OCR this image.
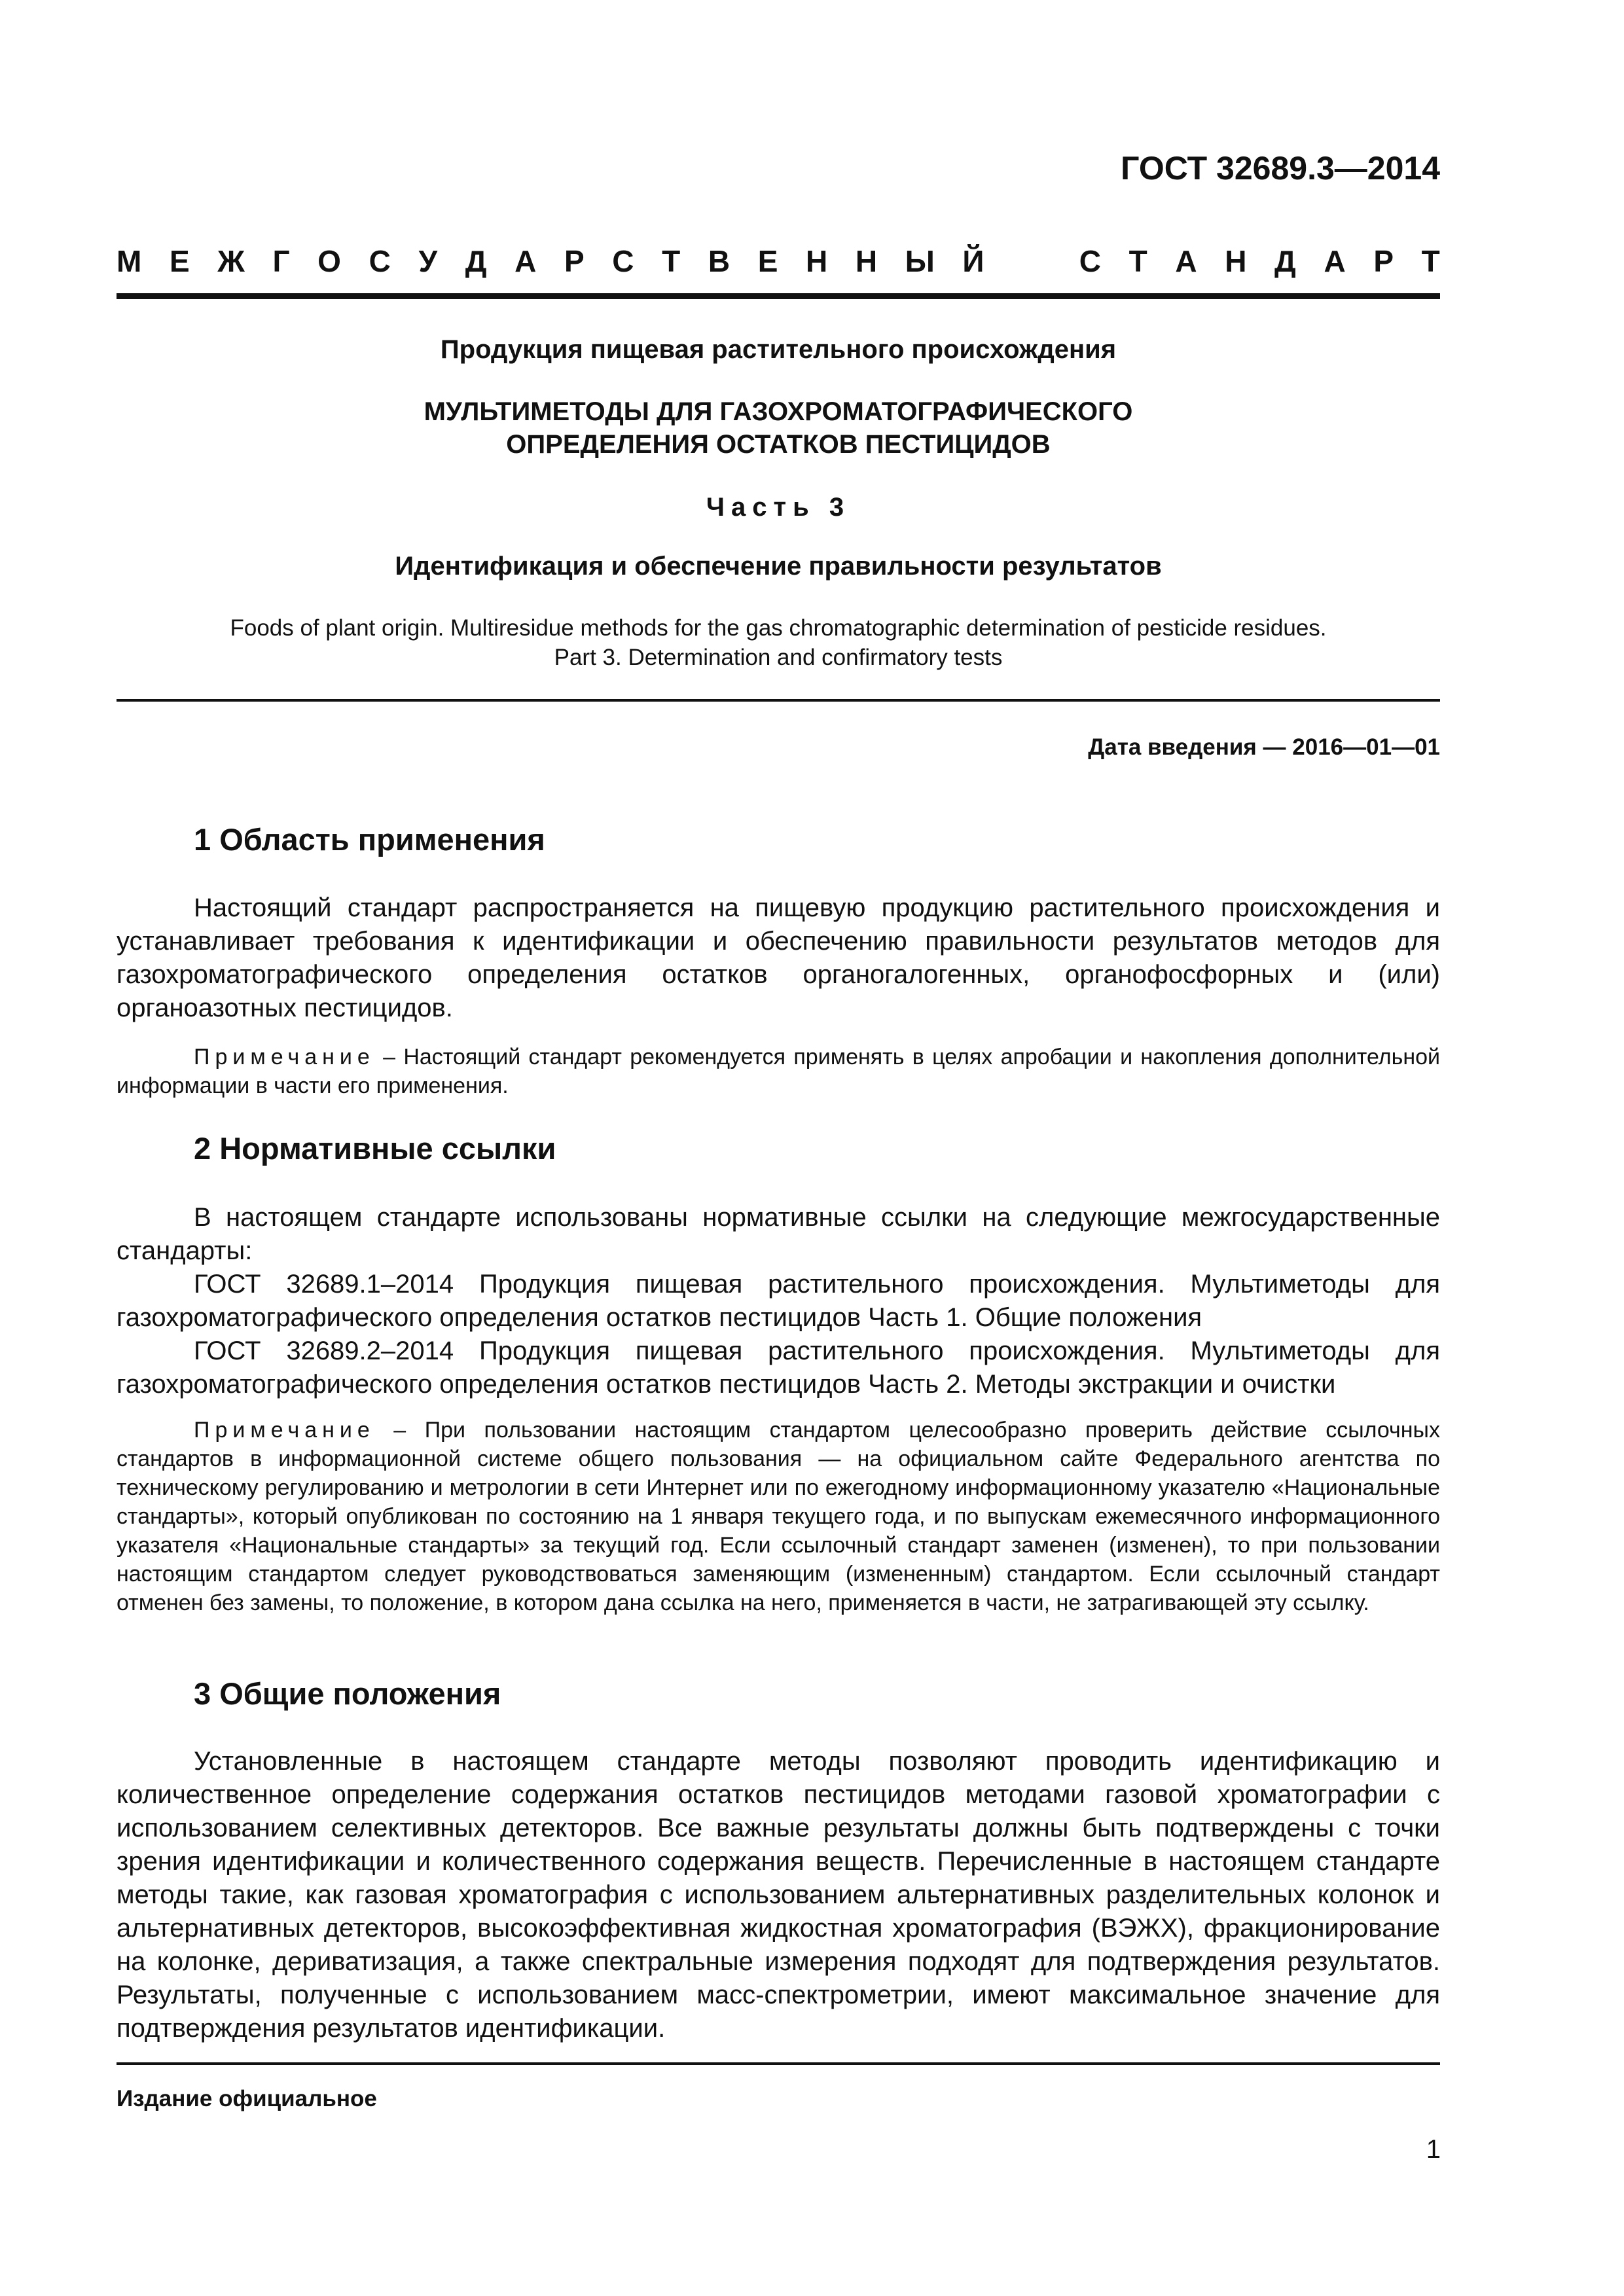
ГОСТ 32689.3—2014
М Е Ж Г О С У Д А Р С Т В Е Н Н Ы Й	С Т А Н Д А Р Т
Продукция пищевая растительного происхождения
МУЛЬТИМЕТОДЫ ДЛЯ ГАЗОХРОМАТОГРАФИЧЕСКОГО
ОПРЕДЕЛЕНИЯ ОСТАТКОВ ПЕСТИЦИДОВ
Часть 3
Идентификация и обеспечение правильности результатов
Foods of plant origin. Multiresidue methods for the gas chromatographic determination of pesticide residues.
Part 3. Determination and confirmatory tests
Дата введения — 2016—01—01
1 Область применения

Настоящий стандарт распространяется на пищевую продукцию растительного происхождения и устанавливает требования к идентификации и обеспечению правильности результатов методов для газохроматографического определения остатков органогалогенных, органофосфорных и (или) органоазотных пестицидов.

Примечание – Настоящий стандарт рекомендуется применять в целях апробации и накопления дополнительной информации в части его применения.

2 Нормативные ссылки
В настоящем стандарте использованы нормативные ссылки на следующие межгосударственные стандарты:
ГОСТ 32689.1–2014 Продукция пищевая растительного происхождения. Мультиметоды для газохроматографического определения остатков пестицидов Часть 1. Общие положения
ГОСТ 32689.2–2014 Продукция пищевая растительного происхождения. Мультиметоды для газохроматографического определения остатков пестицидов Часть 2. Методы экстракции и очистки

Примечание – При пользовании настоящим стандартом целесообразно проверить действие ссылочных стандартов в информационной системе общего пользования — на официальном сайте Федерального агентства по техническому регулированию и метрологии в сети Интернет или по ежегодному информационному указателю «Национальные стандарты», который опубликован по состоянию на 1 января текущего года, и по выпускам ежемесячного информационного указателя «Национальные стандарты» за текущий год. Если ссылочный стандарт заменен (изменен), то при пользовании настоящим стандартом следует руководствоваться заменяющим (измененным) стандартом. Если ссылочный стандарт отменен без замены, то положение, в котором дана ссылка на него, применяется в части, не затрагивающей эту ссылку.

3 Общие положения

Установленные в настоящем стандарте методы позволяют проводить идентификацию и количественное определение содержания остатков пестицидов методами газовой хроматографии с использованием селективных детекторов. Все важные результаты должны быть подтверждены с точки зрения идентификации и количественного содержания веществ. Перечисленные в настоящем стандарте методы такие, как газовая хроматография с использованием альтернативных разделительных колонок и альтернативных детекторов, высокоэффективная жидкостная хроматография (ВЭЖХ), фракционирование на колонке, дериватизация, а также спектральные измерения подходят для подтверждения результатов. Результаты, полученные с использованием масс-спектрометрии, имеют максимальное значение для подтверждения результатов идентификации.

Издание официальное
1
